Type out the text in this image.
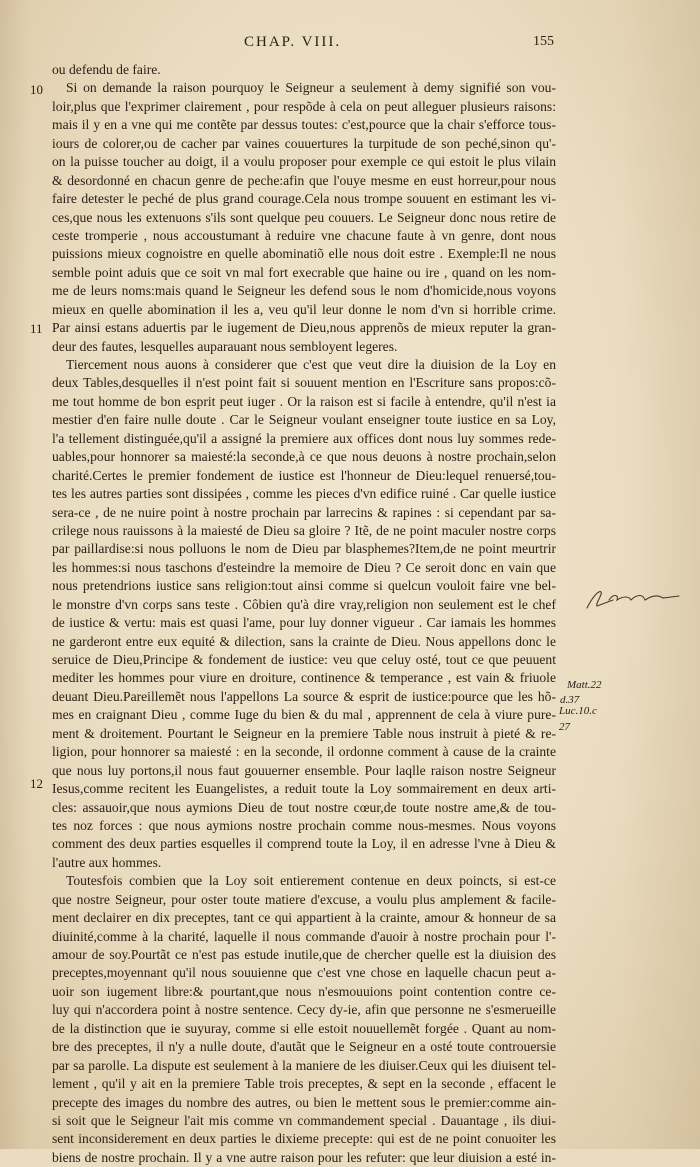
CHAP. VIII.	155
10
11
12
Matt.22
d.37
Luc.10.c
27
ou defendu de faire.
Si on demande la raison pourquoy le Seigneur a seulement à demy signifié son vou-
loir,plus que l'exprimer clairement , pour respõde à cela on peut alleguer plusieurs raisons:
mais il y en a vne qui me contẽte par dessus toutes: c'est,pource que la chair s'efforce tous-
iours de colorer,ou de cacher par vaines couuertures la turpitude de son peché,sinon qu'-
on la puisse toucher au doigt, il a voulu proposer pour exemple ce qui estoit le plus vilain
& desordonné en chacun genre de peche:afin que l'ouye mesme en eust horreur,pour nous
faire detester le peché de plus grand courage.Cela nous trompe souuent en estimant les vi-
ces,que nous les extenuons s'ils sont quelque peu couuers. Le Seigneur donc nous retire de
ceste tromperie , nous accoustumant à reduire vne chacune faute à vn genre, dont nous
puissions mieux cognoistre en quelle abominatiõ elle nous doit estre . Exemple:Il ne nous
semble point aduis que ce soit vn mal fort execrable que haine ou ire , quand on les nom-
me de leurs noms:mais quand le Seigneur les defend sous le nom d'homicide,nous voyons
mieux en quelle abomination il les a, veu qu'il leur donne le nom d'vn si horrible crime.
Par ainsi estans aduertis par le iugement de Dieu,nous apprenõs de mieux reputer la gran-
deur des fautes, lesquelles auparauant nous sembloyent legeres.
Tiercement nous auons à considerer que c'est que veut dire la diuision de la Loy en
deux Tables,desquelles il n'est point fait si souuent mention en l'Escriture sans propos:cõ-
me tout homme de bon esprit peut iuger . Or la raison est si facile à entendre, qu'il n'est ia
mestier d'en faire nulle doute . Car le Seigneur voulant enseigner toute iustice en sa Loy,
l'a tellement distinguée,qu'il a assigné la premiere aux offices dont nous luy sommes rede-
uables,pour honnorer sa maiesté:la seconde,à ce que nous deuons à nostre prochain,selon
charité.Certes le premier fondement de iustice est l'honneur de Dieu:lequel renuersé,tou-
tes les autres parties sont dissipées , comme les pieces d'vn edifice ruiné . Car quelle iustice
sera-ce , de ne nuire point à nostre prochain par larrecins & rapines : si cependant par sa-
crilege nous rauissons à la maiesté de Dieu sa gloire ? Itẽ, de ne point maculer nostre corps
par paillardise:si nous polluons le nom de Dieu par blasphemes?Item,de ne point meurtrir
les hommes:si nous taschons d'esteindre la memoire de Dieu ? Ce seroit donc en vain que
nous pretendrions iustice sans religion:tout ainsi comme si quelcun vouloit faire vne bel-
le monstre d'vn corps sans teste . Côbien qu'à dire vray,religion non seulement est le chef
de iustice & vertu: mais est quasi l'ame, pour luy donner vigueur . Car iamais les hommes
ne garderont entre eux equité & dilection, sans la crainte de Dieu. Nous appellons donc le
seruice de Dieu,Principe & fondement de iustice: veu que celuy osté, tout ce que peuuent
mediter les hommes pour viure en droiture, continence & temperance , est vain & friuole
deuant Dieu.Pareillemẽt nous l'appellons La source & esprit de iustice:pource que les hõ-
mes en craignant Dieu , comme Iuge du bien & du mal , apprennent de cela à viure pure-
ment & droitement. Pourtant le Seigneur en la premiere Table nous instruit à pieté & re-
ligion, pour honnorer sa maiesté : en la seconde, il ordonne comment à cause de la crainte
que nous luy portons,il nous faut gouuerner ensemble. Pour laqlle raison nostre Seigneur
Iesus,comme recitent les Euangelistes, a reduit toute la Loy sommairement en deux arti-
cles: assauoir,que nous aymions Dieu de tout nostre cœur,de toute nostre ame,& de tou-
tes noz forces : que nous aymions nostre prochain comme nous-mesmes. Nous voyons
comment des deux parties esquelles il comprend toute la Loy, il en adresse l'vne à Dieu &
l'autre aux hommes.
Toutesfois combien que la Loy soit entierement contenue en deux poincts, si est-ce
que nostre Seigneur, pour oster toute matiere d'excuse, a voulu plus amplement & facile-
ment declairer en dix preceptes, tant ce qui appartient à la crainte, amour & honneur de sa
diuinité,comme à la charité, laquelle il nous commande d'auoir à nostre prochain pour l'-
amour de soy.Pourtãt ce n'est pas estude inutile,que de chercher quelle est la diuision des
preceptes,moyennant qu'il nous souuienne que c'est vne chose en laquelle chacun peut a-
uoir son iugement libre:& pourtant,que nous n'esmouuions point contention contre ce-
luy qui n'accordera point à nostre sentence. Cecy dy-ie, afin que personne ne s'esmerueille
de la distinction que ie suyuray, comme si elle estoit nouuellemẽt forgée . Quant au nom-
bre des preceptes, il n'y a nulle doute, d'autãt que le Seigneur en a osté toute controuersie
par sa parolle. La dispute est seulement à la maniere de les diuiser.Ceux qui les diuisent tel-
lement , qu'il y ait en la premiere Table trois preceptes, & sept en la seconde , effacent le
precepte des images du nombre des autres, ou bien le mettent sous le premier:comme ain-
si soit que le Seigneur l'ait mis comme vn commandement special . Dauantage , ils diui-
sent inconsiderement en deux parties le dixieme precepte: qui est de ne point conuoiter les
biens de nostre prochain. Il y a vne autre raison pour les refuter: que leur diuision a esté in-
